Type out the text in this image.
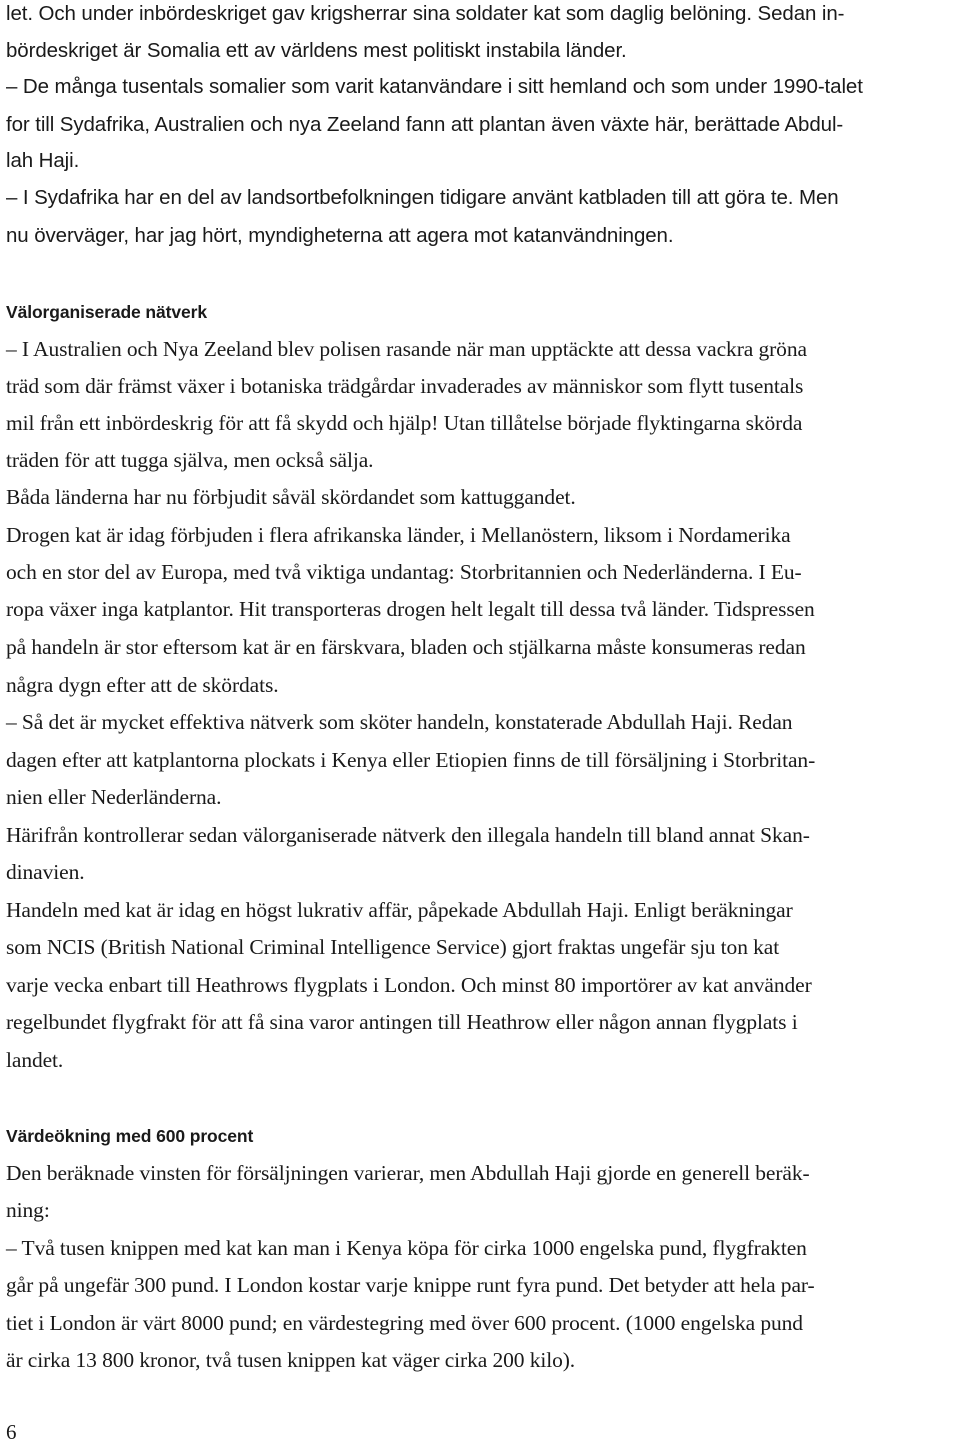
let. Och under inbördeskriget gav krigsherrar sina soldater kat som daglig belöning. Sedan in-
bördeskriget är Somalia ett av världens mest politiskt instabila länder.
– De många tusentals somalier som varit katanvändare i sitt hemland och som under 1990-talet
for till Sydafrika, Australien och nya Zeeland fann att plantan även växte här, berättade Abdul-
lah Haji.
– I Sydafrika har en del av landsortbefolkningen tidigare använt katbladen till att göra te. Men
nu överväger, har jag hört, myndigheterna att agera mot katanvändningen.
Välorganiserade nätverk
– I Australien och Nya Zeeland blev polisen rasande när man upptäckte att dessa vackra gröna
träd som där främst växer i botaniska trädgårdar invaderades av människor som flytt tusentals
mil från ett inbördeskrig för att få skydd och hjälp! Utan tillåtelse började flyktingarna skörda
träden för att tugga själva, men också sälja.
Båda länderna har nu förbjudit såväl skördandet som kattuggandet.
Drogen kat är idag förbjuden i flera afrikanska länder, i Mellanöstern, liksom i Nordamerika
och en stor del av Europa, med två viktiga undantag: Storbritannien och Nederländerna. I Eu-
ropa växer inga katplantor. Hit transporteras drogen helt legalt till dessa två länder. Tidspressen
på handeln är stor eftersom kat är en färskvara, bladen och stjälkarna måste konsumeras redan
några dygn efter att de skördats.
– Så det är mycket effektiva nätverk som sköter handeln, konstaterade Abdullah Haji. Redan
dagen efter att katplantorna plockats i Kenya eller Etiopien finns de till försäljning i Storbritan-
nien eller Nederländerna.
Härifrån kontrollerar sedan välorganiserade nätverk den illegala handeln till bland annat Skan-
dinavien.
Handeln med kat är idag en högst lukrativ affär, påpekade Abdullah Haji. Enligt beräkningar
som NCIS (British National Criminal Intelligence Service) gjort fraktas ungefär sju ton kat
varje vecka enbart till Heathrows flygplats i London. Och minst 80 importörer av kat använder
regelbundet flygfrakt för att få sina varor antingen till Heathrow eller någon annan flygplats i
landet.
Värdeökning med 600 procent
Den beräknade vinsten för försäljningen varierar, men Abdullah Haji gjorde en generell beräk-
ning:
– Två tusen knippen med kat kan man i Kenya köpa för cirka 1000 engelska pund, flygfrakten
går på ungefär 300 pund. I London kostar varje knippe runt fyra pund. Det betyder att hela par-
tiet i London är värt 8000 pund; en värdestegring med över 600 procent. (1000 engelska pund
är cirka 13 800 kronor, två tusen knippen kat väger cirka 200 kilo).
6
